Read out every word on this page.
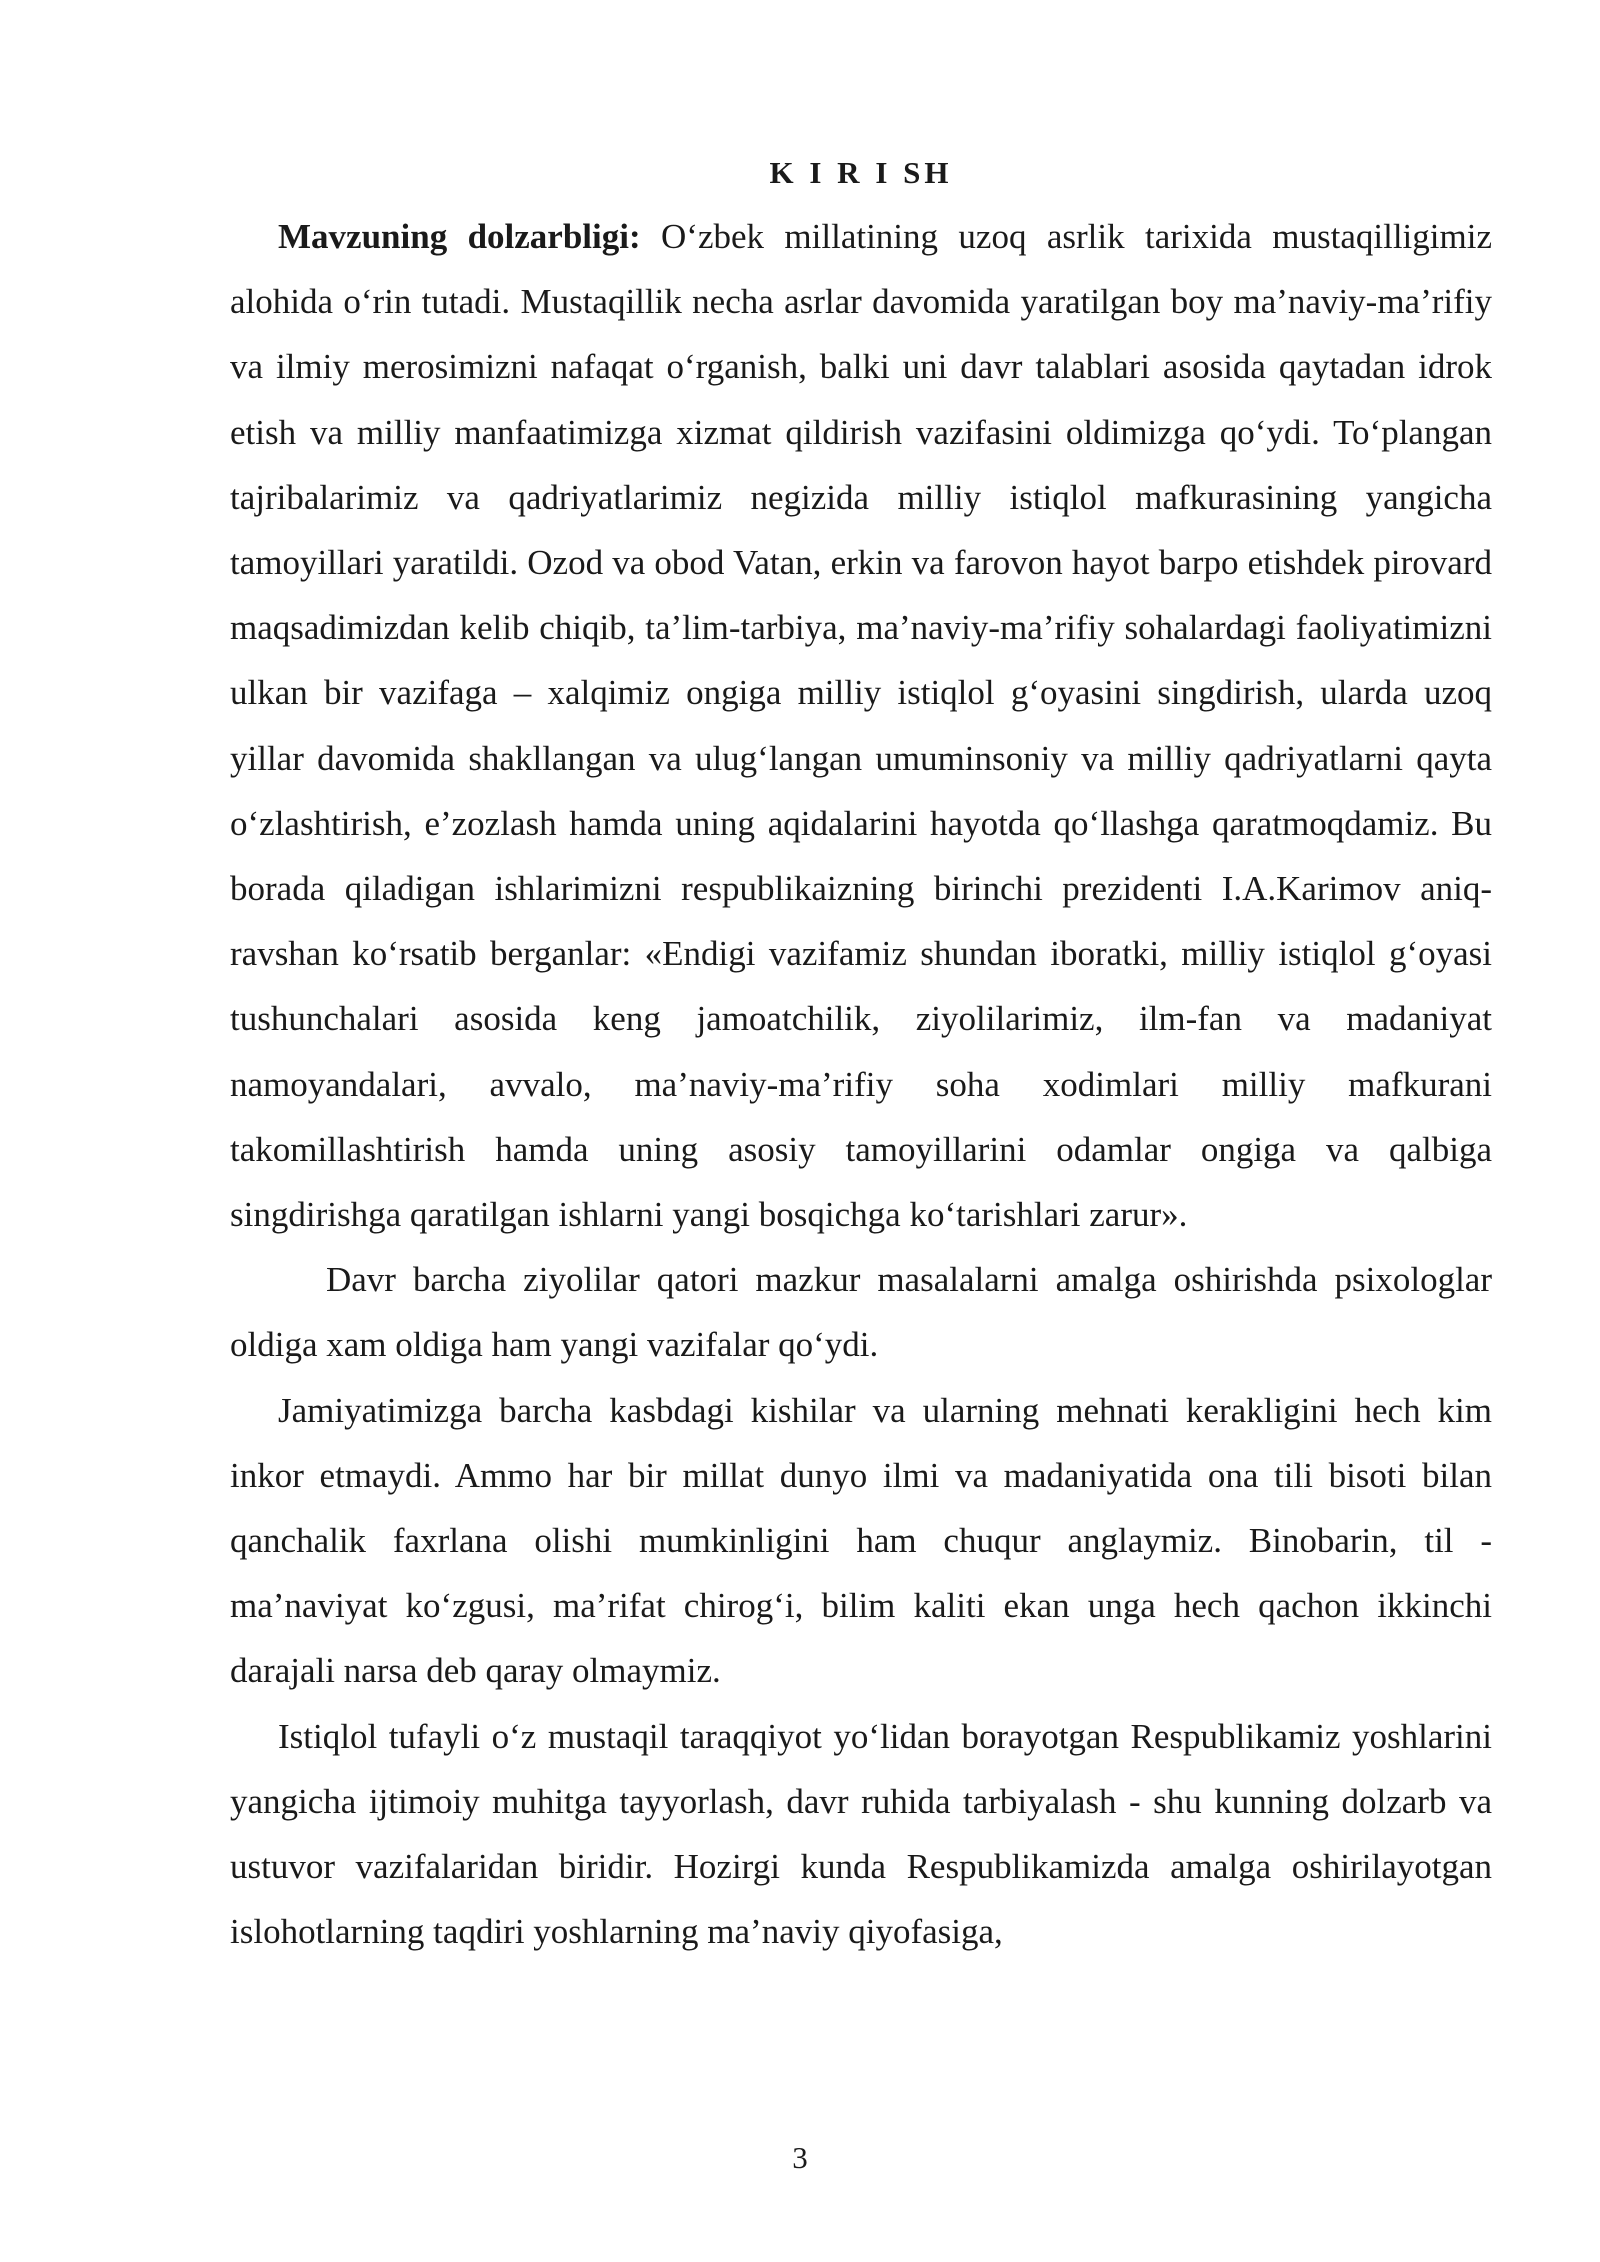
K I R I SH

Mavzuning dolzarbligi: O‘zbek millatining uzoq asrlik tarixida mustaqilligimiz alohida o‘rin tutadi. Mustaqillik necha asrlar davomida yaratilgan boy ma’naviy-ma’rifiy va ilmiy merosimizni nafaqat o‘rganish, balki uni davr talablari asosida qaytadan idrok etish va milliy manfaatimizga xizmat qildirish vazifasini oldimizga qo‘ydi. To‘plangan tajribalarimiz va qadriyatlarimiz negizida milliy istiqlol mafkurasining yangicha tamoyillari yaratildi. Ozod va obod Vatan, erkin va farovon hayot barpo etishdek pirovard maqsadimizdan kelib chiqib, ta’lim-tarbiya, ma’naviy-ma’rifiy sohalardagi faoliyatimizni ulkan bir vazifaga – xalqimiz ongiga milliy istiqlol g‘oyasini singdirish, ularda uzoq yillar davomida shakllangan va ulug‘langan umuminsoniy va milliy qadriyatlarni qayta o‘zlashtirish, e’zozlash hamda uning aqidalarini hayotda qo‘llashga qaratmoqdamiz. Bu borada qiladigan ishlarimizni respublikaizning birinchi prezidenti I.A.Karimov aniq-ravshan ko‘rsatib berganlar: «Endigi vazifamiz shundan iboratki, milliy istiqlol g‘oyasi tushunchalari asosida keng jamoatchilik, ziyolilarimiz, ilm-fan va madaniyat namoyandalari, avvalo, ma’naviy-ma’rifiy soha xodimlari milliy mafkurani takomillashtirish hamda uning asosiy tamoyillarini odamlar ongiga va qalbiga singdirishga qaratilgan ishlarni yangi bosqichga ko‘tarishlari zarur».

Davr barcha ziyolilar qatori mazkur masalalarni amalga oshirishda psixologlar oldiga xam oldiga ham yangi vazifalar qo‘ydi.

Jamiyatimizga barcha kasbdagi kishilar va ularning mehnati kerakligini hech kim inkor etmaydi. Ammo har bir millat dunyo ilmi va madaniyatida ona tili bisoti bilan qanchalik faxrlana olishi mumkinligini ham chuqur anglaymiz. Binobarin, til - ma’naviyat ko‘zgusi, ma’rifat chirog‘i, bilim kaliti ekan unga hech qachon ikkinchi darajali narsa deb qaray olmaymiz.

Istiqlol tufayli o‘z mustaqil taraqqiyot yo‘lidan borayotgan Respublikamiz yoshlarini yangicha ijtimoiy muhitga tayyorlash, davr ruhida tarbiyalash - shu kunning dolzarb va ustuvor vazifalaridan biridir. Hozirgi kunda Respublikamizda amalga oshirilayotgan islohotlarning taqdiri yoshlarning ma’naviy qiyofasiga,

3
